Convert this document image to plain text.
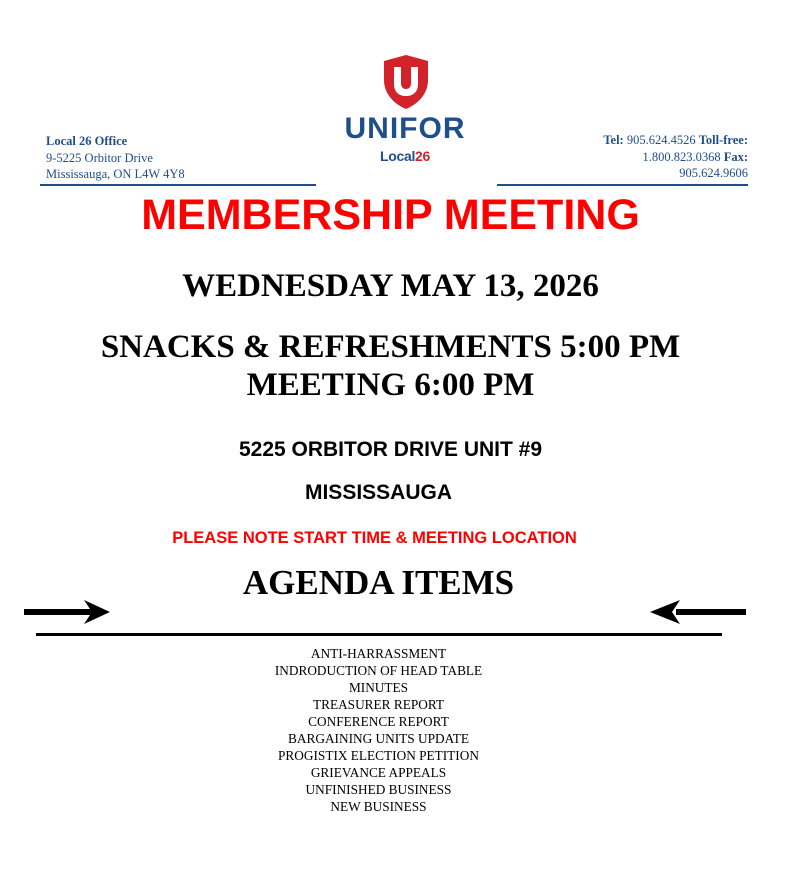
Local 26 Office
9-5225 Orbitor Drive
Mississauga, ON L4W 4Y8
UNIFOR
Local26
Tel: 905.624.4526 Toll-free:
1.800.823.0368 Fax:
905.624.9606
MEMBERSHIP MEETING
WEDNESDAY MAY 13, 2026
SNACKS & REFRESHMENTS 5:00 PM
MEETING 6:00 PM
5225 ORBITOR DRIVE UNIT #9
MISSISSAUGA
PLEASE NOTE START TIME & MEETING LOCATION
AGENDA ITEMS
ANTI-HARRASSMENT
INDRODUCTION OF HEAD TABLE
MINUTES
TREASURER REPORT
CONFERENCE REPORT
BARGAINING UNITS UPDATE
PROGISTIX ELECTION PETITION
GRIEVANCE APPEALS
UNFINISHED BUSINESS
NEW BUSINESS
